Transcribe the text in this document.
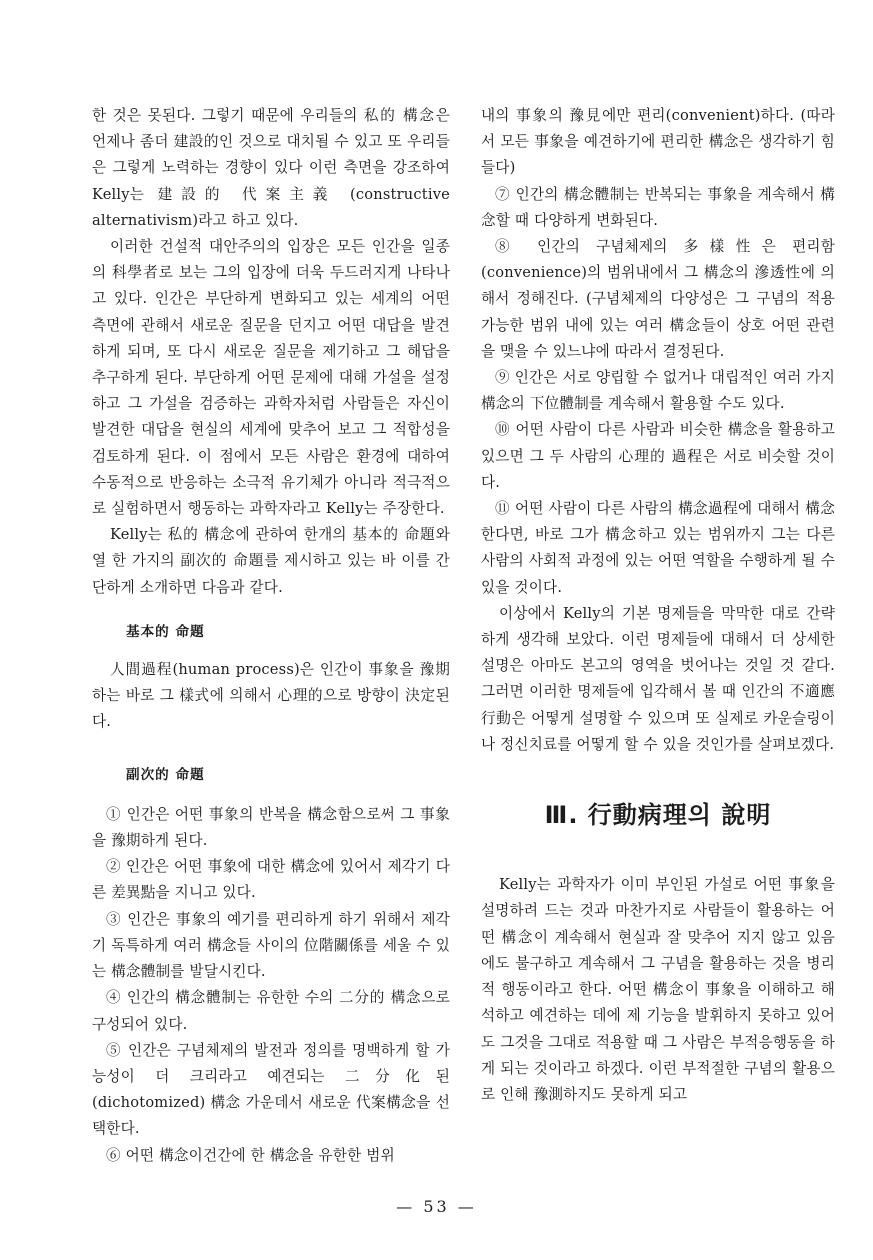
한 것은 못된다. 그렇기 때문에 우리들의 私的 構念은 언제나 좀더 建設的인 것으로 대치될 수 있고 또 우리들은 그렇게 노력하는 경향이 있다 이런 측면을 강조하여 Kelly는 建設的 代案主義 (constructive alternativism)라고 하고 있다.

이러한 건설적 대안주의의 입장은 모든 인간을 일종의 科學者로 보는 그의 입장에 더욱 두드러지게 나타나고 있다. 인간은 부단하게 변화되고 있는 세계의 어떤 측면에 관해서 새로운 질문을 던지고 어떤 대답을 발견하게 되며, 또 다시 새로운 질문을 제기하고 그 해답을 추구하게 된다. 부단하게 어떤 문제에 대해 가설을 설정하고 그 가설을 검증하는 과학자처럼 사람들은 자신이 발견한 대답을 현실의 세계에 맞추어 보고 그 적합성을 검토하게 된다. 이 점에서 모든 사람은 환경에 대하여 수동적으로 반응하는 소극적 유기체가 아니라 적극적으로 실험하면서 행동하는 과학자라고 Kelly는 주장한다.

Kelly는 私的 構念에 관하여 한개의 基本的 命題와 열 한 가지의 副次的 命題를 제시하고 있는 바 이를 간단하게 소개하면 다음과 같다.

基本的 命題

人間過程(human process)은 인간이 事象을 豫期하는 바로 그 樣式에 의해서 心理的으로 방향이 決定된다.

副次的 命題

① 인간은 어떤 事象의 반복을 構念함으로써 그 事象을 豫期하게 된다.

② 인간은 어떤 事象에 대한 構念에 있어서 제각기 다른 差異點을 지니고 있다.

③ 인간은 事象의 예기를 편리하게 하기 위해서 제각기 독특하게 여러 構念들 사이의 位階關係를 세울 수 있는 構念體制를 발달시킨다.

④ 인간의 構念體制는 유한한 수의 二分的 構念으로 구성되어 있다.

⑤ 인간은 구념체제의 발전과 정의를 명백하게 할 가능성이 더 크리라고 예견되는 二分化된 (dichotomized) 構念 가운데서 새로운 代案構念을 선택한다.

⑥ 어떤 構念이건간에 한 構念을 유한한 범위

내의 事象의 豫見에만 편리(convenient)하다. (따라서 모든 事象을 예견하기에 편리한 構念은 생각하기 힘들다)

⑦ 인간의 構念體制는 반복되는 事象을 계속해서 構念할 때 다양하게 변화된다.

⑧ 인간의 구념체제의 多樣性은 편리함(convenience)의 범위내에서 그 構念의 滲透性에 의해서 정해진다. (구념체제의 다양성은 그 구념의 적용가능한 범위 내에 있는 여러 構念들이 상호 어떤 관련을 맺을 수 있느냐에 따라서 결정된다.

⑨ 인간은 서로 양립할 수 없거나 대립적인 여러 가지 構念의 下位體制를 계속해서 활용할 수도 있다.

⑩ 어떤 사람이 다른 사람과 비슷한 構念을 활용하고 있으면 그 두 사람의 心理的 過程은 서로 비슷할 것이다.

⑪ 어떤 사람이 다른 사람의 構念過程에 대해서 構念한다면, 바로 그가 構念하고 있는 범위까지 그는 다른 사람의 사회적 과정에 있는 어떤 역할을 수행하게 될 수 있을 것이다.

이상에서 Kelly의 기본 명제들을 막막한 대로 간략하게 생각해 보았다. 이런 명제들에 대해서 더 상세한 설명은 아마도 본고의 영역을 벗어나는 것일 것 같다. 그러면 이러한 명제들에 입각해서 볼 때 인간의 不適應行動은 어떻게 설명할 수 있으며 또 실제로 카운슬링이나 정신치료를 어떻게 할 수 있을 것인가를 살펴보겠다.

Ⅲ. 行動病理의 說明

Kelly는 과학자가 이미 부인된 가설로 어떤 事象을 설명하려 드는 것과 마찬가지로 사람들이 활용하는 어떤 構念이 계속해서 현실과 잘 맞추어 지지 않고 있음에도 불구하고 계속해서 그 구념을 활용하는 것을 병리적 행동이라고 한다. 어떤 構念이 事象을 이해하고 해석하고 예견하는 데에 제 기능을 발휘하지 못하고 있어도 그것을 그대로 적용할 때 그 사람은 부적응행동을 하게 되는 것이라고 하겠다. 이런 부적절한 구념의 활용으로 인해 豫測하지도 못하게 되고

— 53 —
